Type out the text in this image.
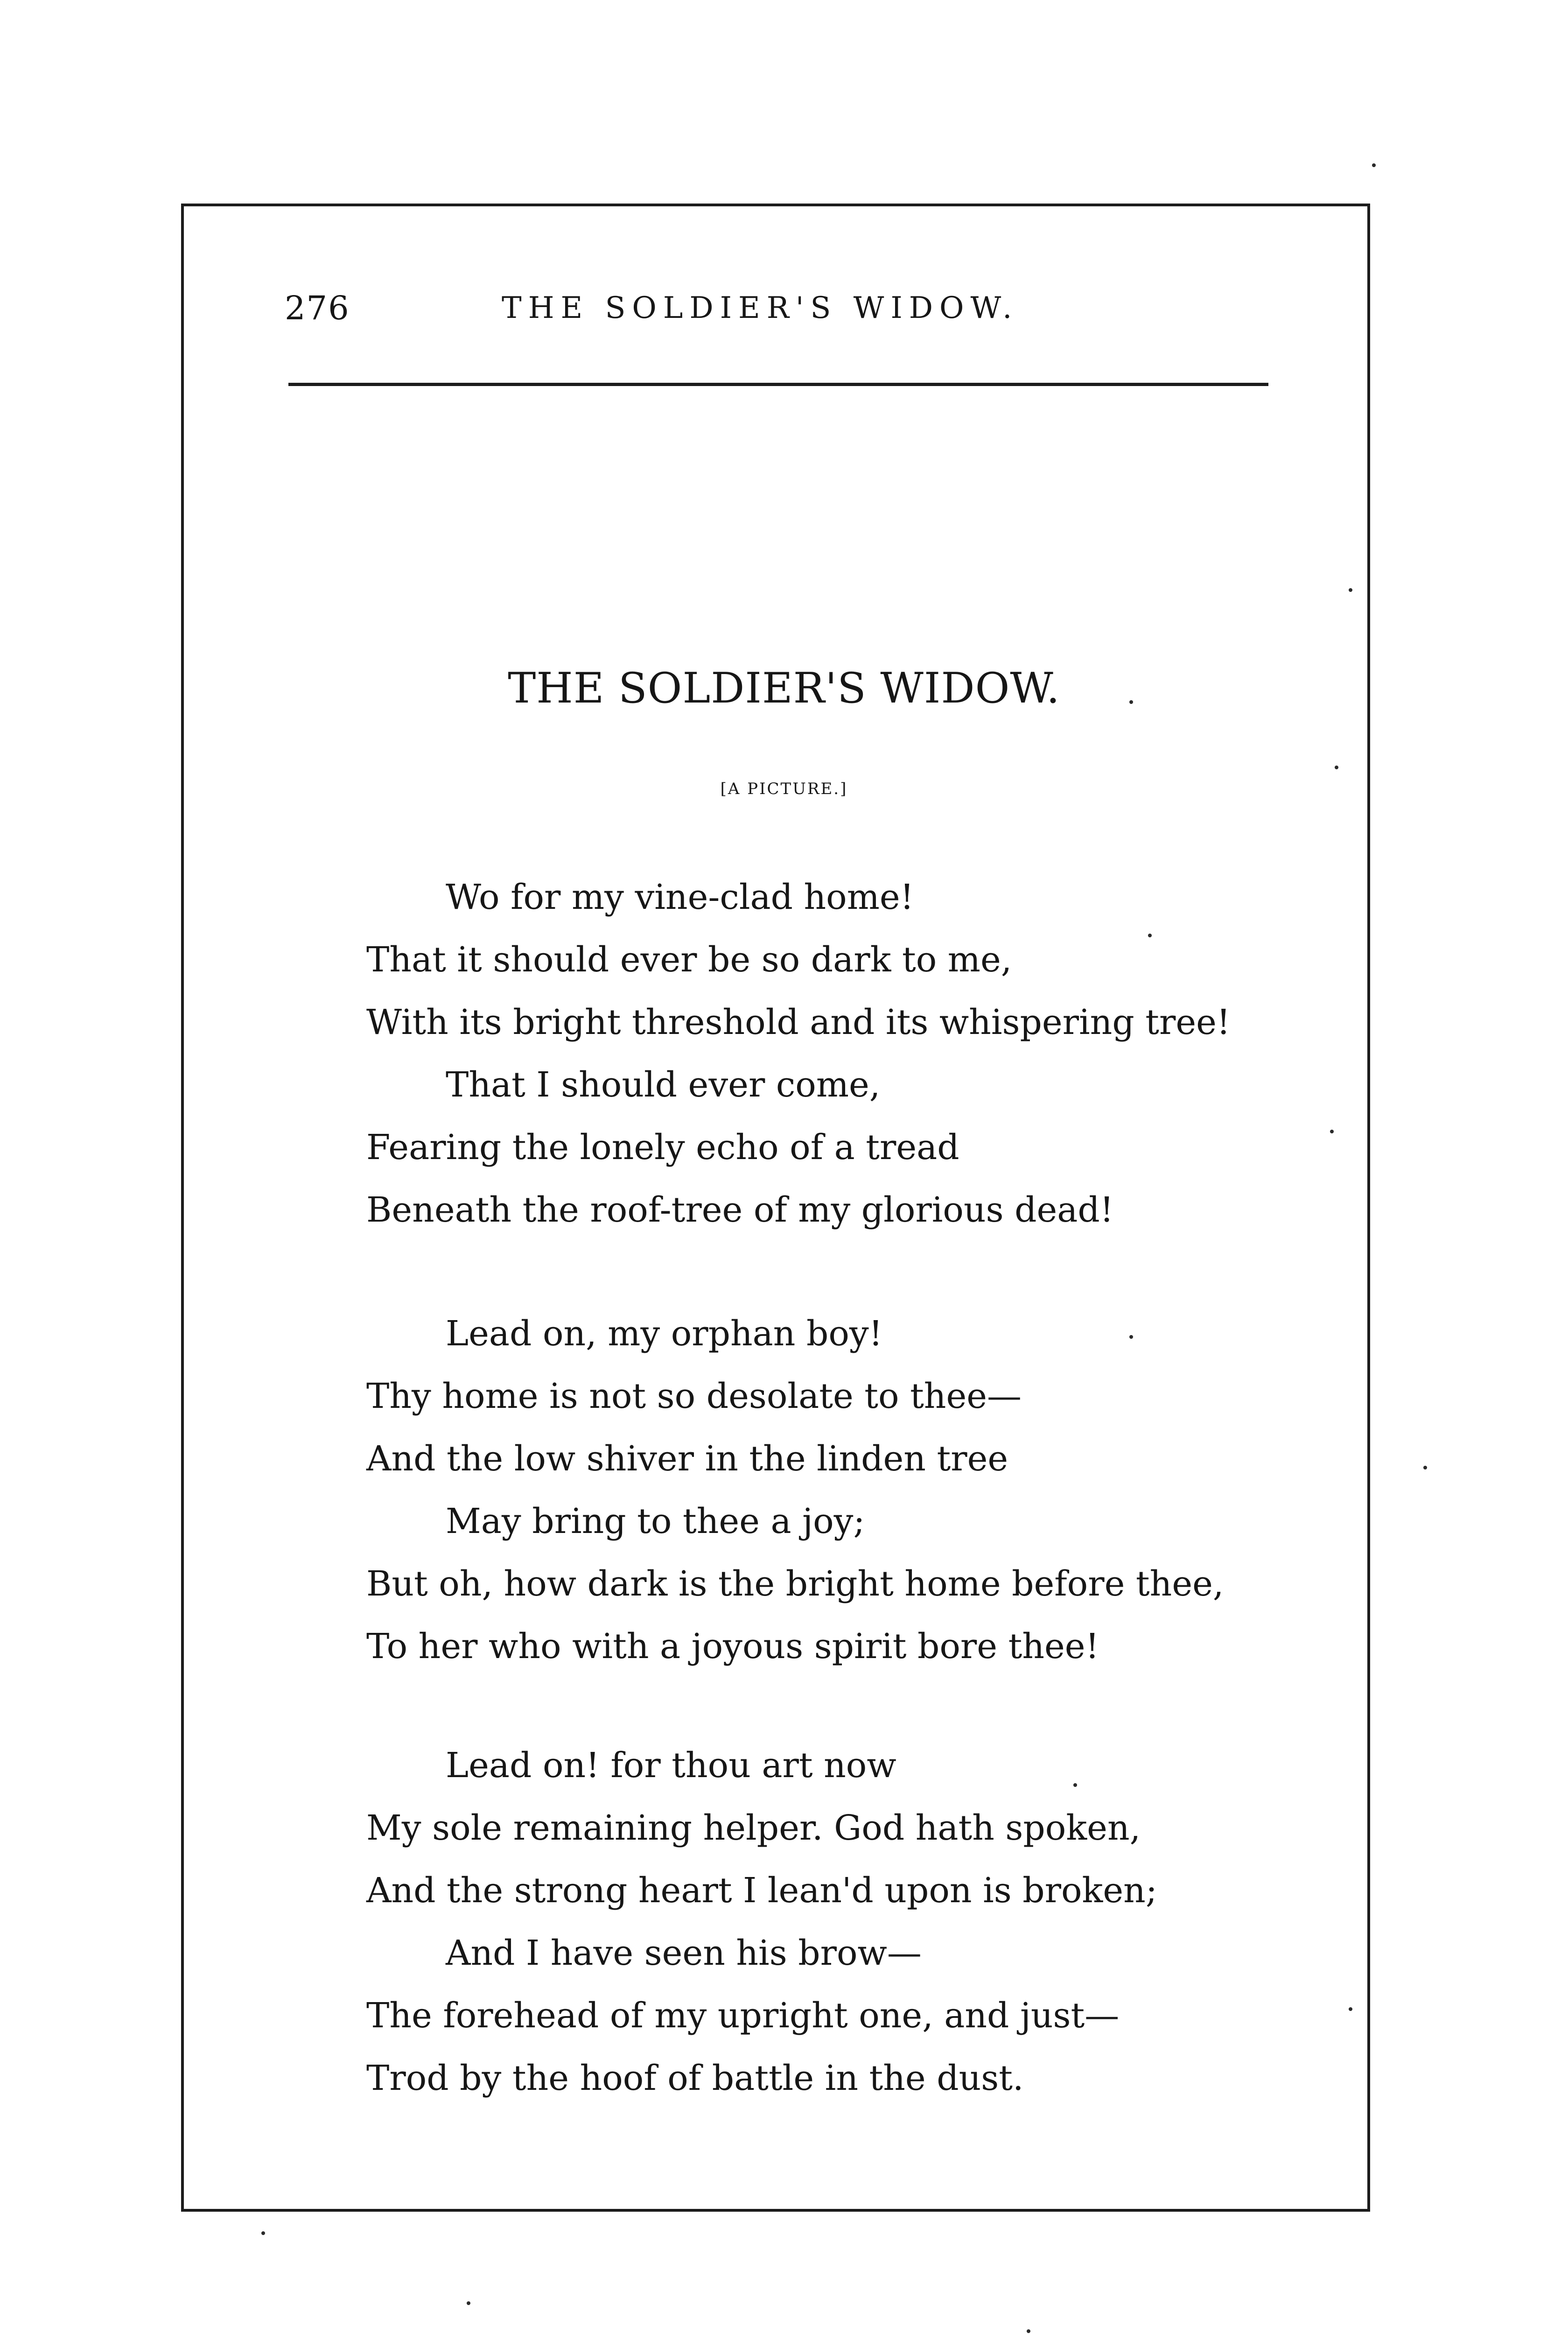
276	THE SOLDIER'S WIDOW.
THE SOLDIER'S WIDOW.
[A PICTURE.]
Wo for my vine-clad home!
That it should ever be so dark to me,
With its bright threshold and its whispering tree!
That I should ever come,
Fearing the lonely echo of a tread
Beneath the roof-tree of my glorious dead!
Lead on, my orphan boy!
Thy home is not so desolate to thee—
And the low shiver in the linden tree
May bring to thee a joy;
But oh, how dark is the bright home before thee,
To her who with a joyous spirit bore thee!
Lead on! for thou art now
My sole remaining helper. God hath spoken,
And the strong heart I lean'd upon is broken;
And I have seen his brow—
The forehead of my upright one, and just—
Trod by the hoof of battle in the dust.
